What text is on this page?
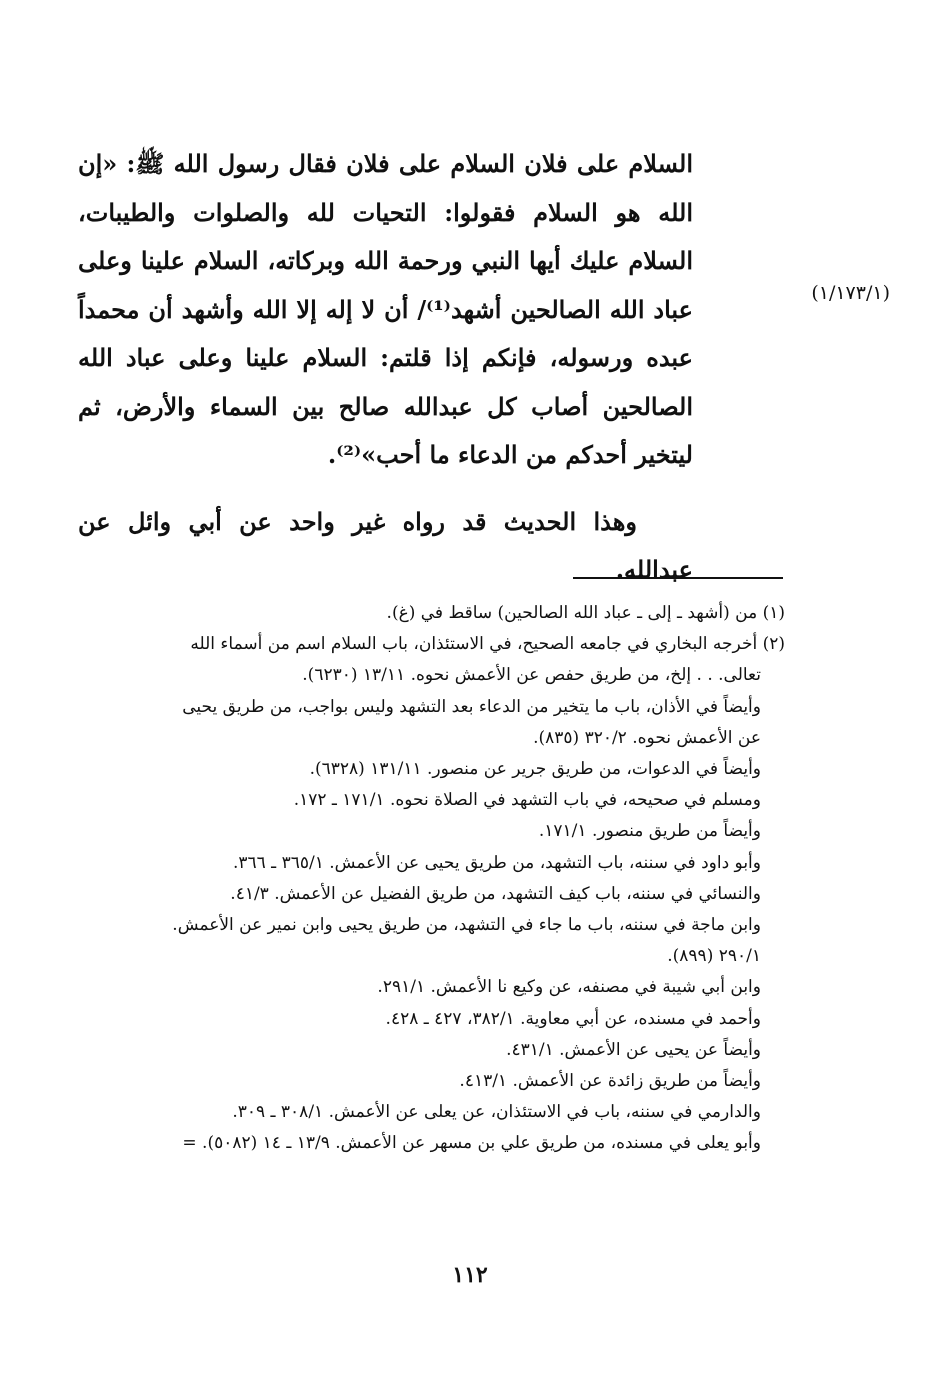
(١/١٧٣/١)

السلام على فلان السلام على فلان فقال رسول الله ﷺ: «إن الله هو السلام فقولوا: التحيات لله والصلوات والطيبات، السلام عليك أيها النبي ورحمة الله وبركاته، السلام علينا وعلى عباد الله الصالحين أشهد⁽¹⁾/ أن لا إله إلا الله وأشهد أن محمداً عبده ورسوله، فإنكم إذا قلتم: السلام علينا وعلى عباد الله الصالحين أصاب كل عبدالله صالح بين السماء والأرض، ثم ليتخير أحدكم من الدعاء ما أحب»⁽²⁾.

وهذا الحديث قد رواه غير واحد عن أبي وائل عن عبدالله.

(١) من (أشهد ـ إلى ـ عباد الله الصالحين) ساقط في (غ).
(٢) أخرجه البخاري في جامعه الصحيح، في الاستئذان، باب السلام اسم من أسماء الله
تعالى. . . إلخ، من طريق حفص عن الأعمش نحوه. ١٣/١١ (٦٢٣٠).
وأيضاً في الأذان، باب ما يتخير من الدعاء بعد التشهد وليس بواجب، من طريق يحيى
عن الأعمش نحوه. ٣٢٠/٢ (٨٣٥).
وأيضاً في الدعوات، من طريق جرير عن منصور. ١٣١/١١ (٦٣٢٨).
ومسلم في صحيحه، في باب التشهد في الصلاة نحوه. ١٧١/١ ـ ١٧٢.
وأيضاً من طريق منصور. ١٧١/١.
وأبو داود في سننه، باب التشهد، من طريق يحيى عن الأعمش. ٣٦٥/١ ـ ٣٦٦.
والنسائي في سننه، باب كيف التشهد، من طريق الفضيل عن الأعمش. ٤١/٣.
وابن ماجة في سننه، باب ما جاء في التشهد، من طريق يحيى وابن نمير عن الأعمش.
٢٩٠/١ (٨٩٩).
وابن أبي شيبة في مصنفه، عن وكيع نا الأعمش. ٢٩١/١.
وأحمد في مسنده، عن أبي معاوية. ٣٨٢/١، ٤٢٧ ـ ٤٢٨.
وأيضاً عن يحيى عن الأعمش. ٤٣١/١.
وأيضاً من طريق زائدة عن الأعمش. ٤١٣/١.
والدارمي في سننه، باب في الاستئذان، عن يعلى عن الأعمش. ٣٠٨/١ ـ ٣٠٩.
وأبو يعلى في مسنده، من طريق علي بن مسهر عن الأعمش. ١٣/٩ ـ ١٤ (٥٠٨٢). =
١١٢
